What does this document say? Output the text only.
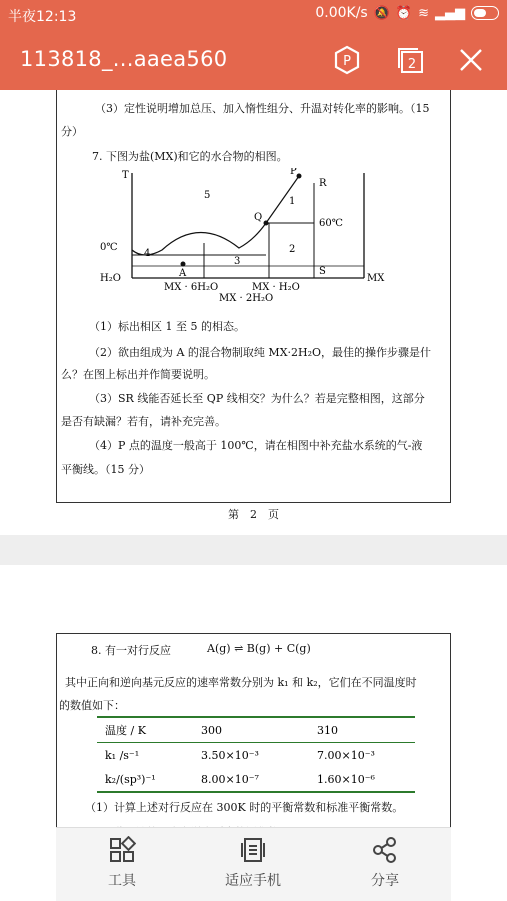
半夜12:13	0.00K/s 🔕 ⏰ ≋ ▂▄▆
113818_...aaea560	P	2
（3）定性说明增加总压、加入惰性组分、升温对转化率的影响。（15
分）
7. 下图为盐(MX)和它的水合物的相图。
T	P
R
Q
S
A
5
1
2
3
4
60℃
0℃
H₂O	MX
MX · 6H₂O	MX · H₂O
MX · 2H₂O
（1）标出相区 1 至 5 的相态。
（2）欲由组成为 A 的混合物制取纯 MX·2H₂O，最佳的操作步骤是什
么？在图上标出并作简要说明。
（3）SR 线能否延长至 QP 线相交？为什么？若是完整相图，这部分
是否有缺漏？若有，请补充完善。
（4）P 点的温度一般高于 100℃，请在相图中补充盐水系统的气-液
平衡线。（15 分）
第　2　页
8. 有一对行反应	A(g) ⇌ B(g) + C(g)
其中正向和逆向基元反应的速率常数分别为 k₁ 和 k₂，它们在不同温度时
的数值如下：
温度 / K	300	310
k₁ /s⁻¹	3.50×10⁻³	7.00×10⁻³
k₂/(sp³)⁻¹	8.00×10⁻⁷	1.60×10⁻⁶
（1）计算上述对行反应在 300K 时的平衡常数和标准平衡常数。
工具	适应手机	分享
